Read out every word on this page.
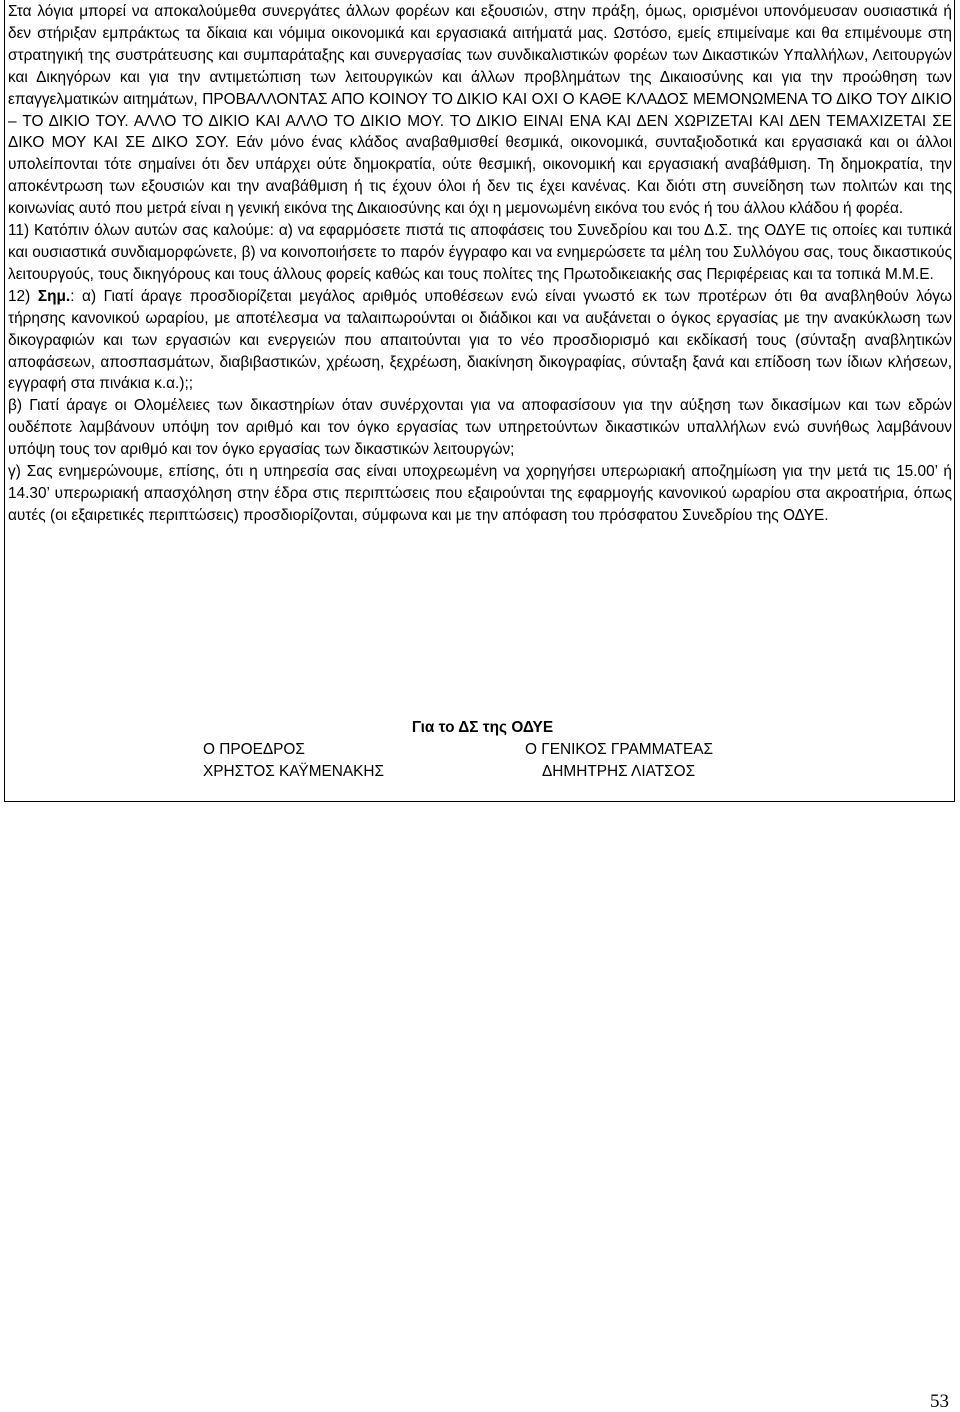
Στα λόγια μπορεί να αποκαλούμεθα συνεργάτες άλλων φορέων και εξουσιών, στην πράξη, όμως, ορισμένοι υπονόμευσαν ουσιαστικά ή δεν στήριξαν εμπράκτως τα δίκαια και νόμιμα οικονομικά και εργασιακά αιτήματά μας. Ωστόσο, εμείς επιμείναμε και θα επιμένουμε στη στρατηγική της συστράτευσης και συμπαράταξης και συνεργασίας των συνδικαλιστικών φορέων των Δικαστικών Υπαλλήλων, Λειτουργών και Δικηγόρων και για την αντιμετώπιση των λειτουργικών και άλλων προβλημάτων της Δικαιοσύνης και για την προώθηση των επαγγελματικών αιτημάτων, ΠΡΟΒΑΛΛΟΝΤΑΣ ΑΠΟ ΚΟΙΝΟΥ ΤΟ ΔΙΚΙΟ ΚΑΙ ΟΧΙ Ο ΚΑΘΕ ΚΛΑΔΟΣ ΜΕΜΟΝΩΜΕΝΑ ΤΟ ΔΙΚΟ ΤΟΥ ΔΙΚΙΟ – ΤΟ ΔΙΚΙΟ ΤΟΥ. ΑΛΛΟ ΤΟ ΔΙΚΙΟ ΚΑΙ ΑΛΛΟ ΤΟ ΔΙΚΙΟ ΜΟΥ. ΤΟ ΔΙΚΙΟ ΕΙΝΑΙ ΕΝΑ ΚΑΙ ΔΕΝ ΧΩΡΙΖΕΤΑΙ ΚΑΙ ΔΕΝ ΤΕΜΑΧΙΖΕΤΑΙ ΣΕ ΔΙΚΟ ΜΟΥ ΚΑΙ ΣΕ ΔΙΚΟ ΣΟΥ. Εάν μόνο ένας κλάδος αναβαθμισθεί θεσμικά, οικονομικά, συνταξιοδοτικά και εργασιακά και οι άλλοι υπολείπονται τότε σημαίνει ότι δεν υπάρχει ούτε δημοκρατία, ούτε θεσμική, οικονομική και εργασιακή αναβάθμιση. Τη δημοκρατία, την αποκέντρωση των εξουσιών και την αναβάθμιση ή τις έχουν όλοι ή δεν τις έχει κανένας. Και διότι στη συνείδηση των πολιτών και της κοινωνίας αυτό που μετρά είναι η γενική εικόνα της Δικαιοσύνης και όχι η μεμονωμένη εικόνα του ενός ή του άλλου κλάδου ή φορέα.

11) Κατόπιν όλων αυτών σας καλούμε: α) να εφαρμόσετε πιστά τις αποφάσεις του Συνεδρίου και του Δ.Σ. της ΟΔΥΕ τις οποίες και τυπικά και ουσιαστικά συνδιαμορφώνετε, β) να κοινοποιήσετε το παρόν έγγραφο και να ενημερώσετε τα μέλη του Συλλόγου σας, τους δικαστικούς λειτουργούς, τους δικηγόρους και τους άλλους φορείς καθώς και τους πολίτες της Πρωτοδικειακής σας Περιφέρειας και τα τοπικά Μ.Μ.Ε.

12) Σημ.: α) Γιατί άραγε προσδιορίζεται μεγάλος αριθμός υποθέσεων ενώ είναι γνωστό εκ των προτέρων ότι θα αναβληθούν λόγω τήρησης κανονικού ωραρίου, με αποτέλεσμα να ταλαιπωρούνται οι διάδικοι και να αυξάνεται ο όγκος εργασίας με την ανακύκλωση των δικογραφιών και των εργασιών και ενεργειών που απαιτούνται για το νέο προσδιορισμό και εκδίκασή τους (σύνταξη αναβλητικών αποφάσεων, αποσπασμάτων, διαβιβαστικών, χρέωση, ξεχρέωση, διακίνηση δικογραφίας, σύνταξη ξανά και επίδοση των ίδιων κλήσεων, εγγραφή στα πινάκια κ.α.);;

β) Γιατί άραγε οι Ολομέλειες των δικαστηρίων όταν συνέρχονται για να αποφασίσουν για την αύξηση των δικασίμων και των εδρών ουδέποτε λαμβάνουν υπόψη τον αριθμό και τον όγκο εργασίας των υπηρετούντων δικαστικών υπαλλήλων ενώ συνήθως λαμβάνουν υπόψη τους τον αριθμό και τον όγκο εργασίας των δικαστικών λειτουργών;

γ) Σας ενημερώνουμε, επίσης, ότι η υπηρεσία σας είναι υποχρεωμένη να χορηγήσει υπερωριακή αποζημίωση για την μετά τις 15.00’ ή 14.30’ υπερωριακή απασχόληση στην έδρα στις περιπτώσεις που εξαιρούνται της εφαρμογής κανονικού ωραρίου στα ακροατήρια, όπως αυτές (οι εξαιρετικές περιπτώσεις) προσδιορίζονται, σύμφωνα και με την απόφαση του πρόσφατου Συνεδρίου της ΟΔΥΕ.

Για το ΔΣ της ΟΔΥΕ
Ο ΠΡΟΕΔΡΟΣ
ΧΡΗΣΤΟΣ ΚΑΫΜΕΝΑΚΗΣ
Ο ΓΕΝΙΚΟΣ ΓΡΑΜΜΑΤΕΑΣ
ΔΗΜΗΤΡΗΣ ΛΙΑΤΣΟΣ
53
